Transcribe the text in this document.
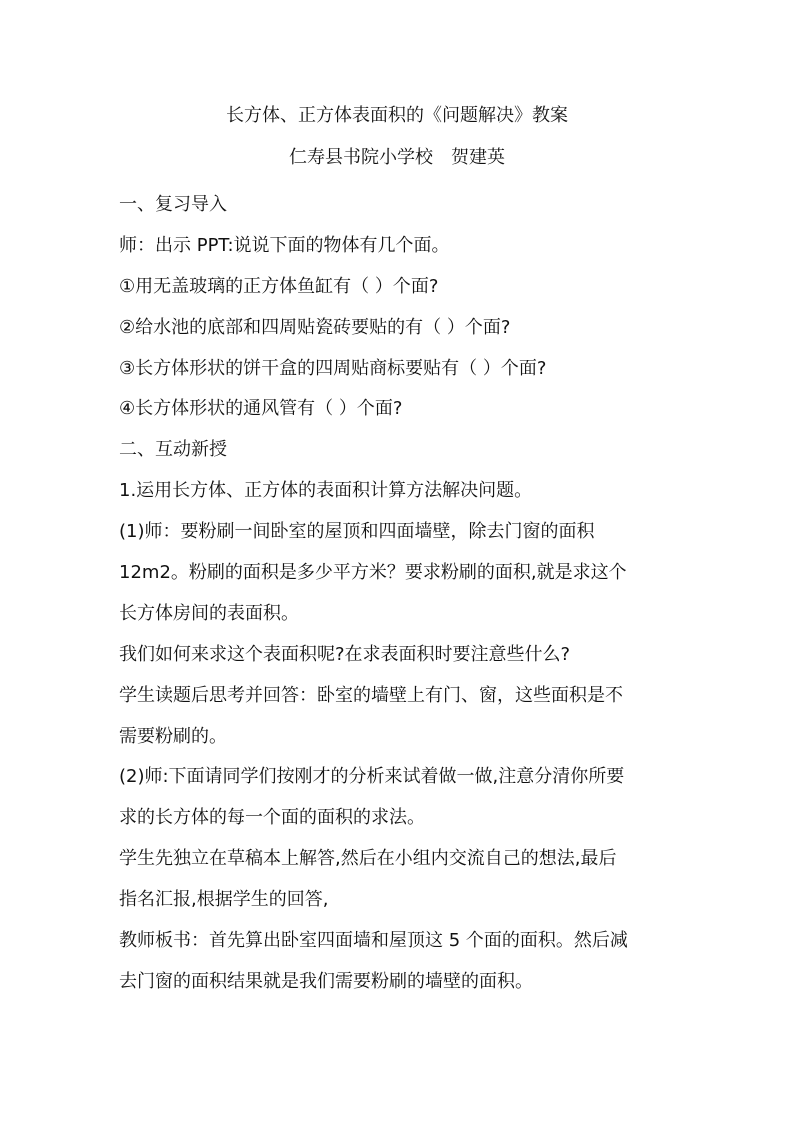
长方体、正方体表面积的《问题解决》教案
仁寿县书院小学校　贺建英

一、复习导入

师：出示 PPT:说说下面的物体有几个面。

①用无盖玻璃的正方体鱼缸有（ ）个面?

②给水池的底部和四周贴瓷砖要贴的有（ ）个面?

③长方体形状的饼干盒的四周贴商标要贴有（ ）个面?

④长方体形状的通风管有（ ）个面?

二、互动新授

1.运用长方体、正方体的表面积计算方法解决问题。

(1)师：要粉刷一间卧室的屋顶和四面墙壁，除去门窗的面积

12m2。粉刷的面积是多少平方米？要求粉刷的面积,就是求这个

长方体房间的表面积。

我们如何来求这个表面积呢?在求表面积时要注意些什么?

学生读题后思考并回答：卧室的墙壁上有门、窗，这些面积是不

需要粉刷的。

(2)师:下面请同学们按刚才的分析来试着做一做,注意分清你所要

求的长方体的每一个面的面积的求法。

学生先独立在草稿本上解答,然后在小组内交流自己的想法,最后

指名汇报,根据学生的回答,

教师板书：首先算出卧室四面墙和屋顶这 5 个面的面积。然后减

去门窗的面积结果就是我们需要粉刷的墙壁的面积。
